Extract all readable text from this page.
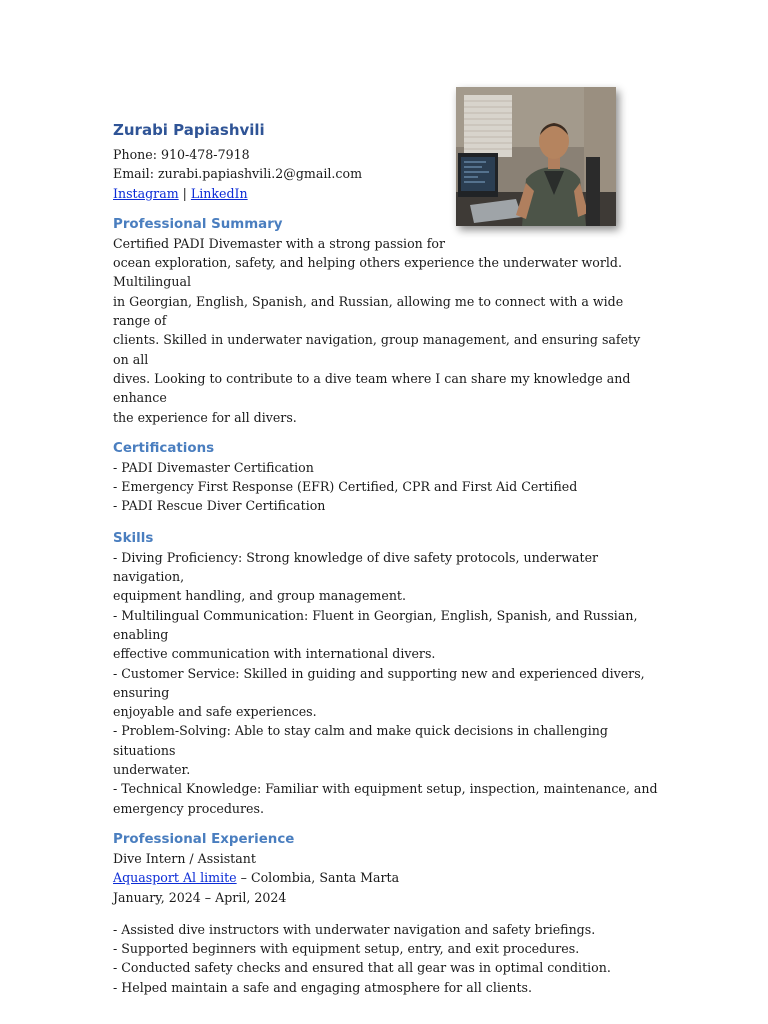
Zurabi Papiashvili

Phone: 910-478-7918

Email: zurabi.papiashvili.2@gmail.com

Instagram | LinkedIn

Professional Summary

Certified PADI Divemaster with a strong passion for

ocean exploration, safety, and helping others experience the underwater world. Multilingual

in Georgian, English, Spanish, and Russian, allowing me to connect with a wide range of

clients. Skilled in underwater navigation, group management, and ensuring safety on all

dives. Looking to contribute to a dive team where I can share my knowledge and enhance

the experience for all divers.

Certifications

- PADI Divemaster Certification
- Emergency First Response (EFR) Certified, CPR and First Aid Certified
- PADI Rescue Diver Certification

Skills

- Diving Proficiency: Strong knowledge of dive safety protocols, underwater navigation,

equipment handling, and group management.

- Multilingual Communication: Fluent in Georgian, English, Spanish, and Russian, enabling

effective communication with international divers.

- Customer Service: Skilled in guiding and supporting new and experienced divers, ensuring

enjoyable and safe experiences.

- Problem-Solving: Able to stay calm and make quick decisions in challenging situations

underwater.

- Technical Knowledge: Familiar with equipment setup, inspection, maintenance, and

emergency procedures.

Professional Experience

Dive Intern / Assistant

Aquasport Al limite – Colombia, Santa Marta

January, 2024 – April, 2024

- Assisted dive instructors with underwater navigation and safety briefings.
- Supported beginners with equipment setup, entry, and exit procedures.
- Conducted safety checks and ensured that all gear was in optimal condition.
- Helped maintain a safe and engaging atmosphere for all clients.
